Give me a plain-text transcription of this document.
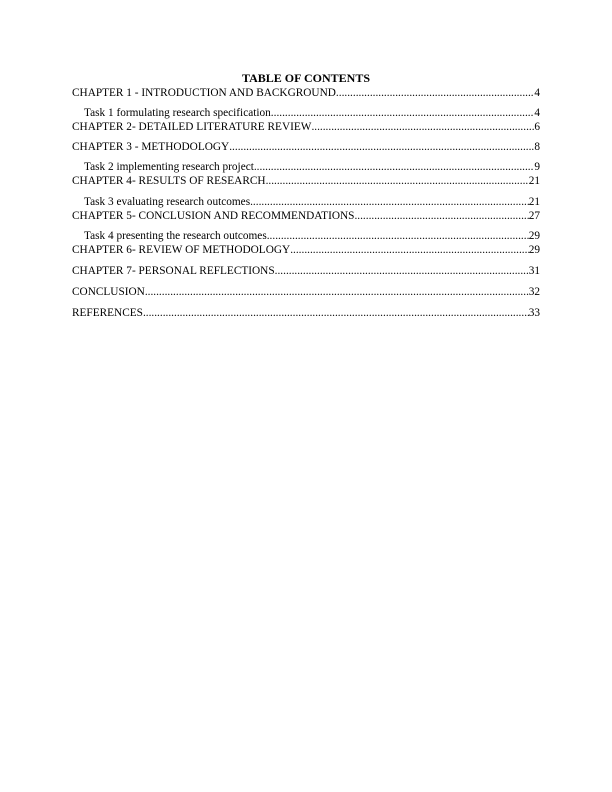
TABLE OF CONTENTS
CHAPTER 1 - INTRODUCTION AND BACKGROUND .....	4
Task 1 formulating research specification .....	4
CHAPTER 2- DETAILED LITERATURE REVIEW .....	6
CHAPTER 3 - METHODOLOGY .....	8
Task 2 implementing research project .....	9
CHAPTER 4- RESULTS OF RESEARCH .....	21
Task 3 evaluating research outcomes .....	21
CHAPTER 5- CONCLUSION AND RECOMMENDATIONS .....	27
Task 4 presenting the research outcomes .....	29
CHAPTER 6- REVIEW OF METHODOLOGY .....	29
CHAPTER 7- PERSONAL REFLECTIONS .....	31
CONCLUSION .....	32
REFERENCES .....	33
